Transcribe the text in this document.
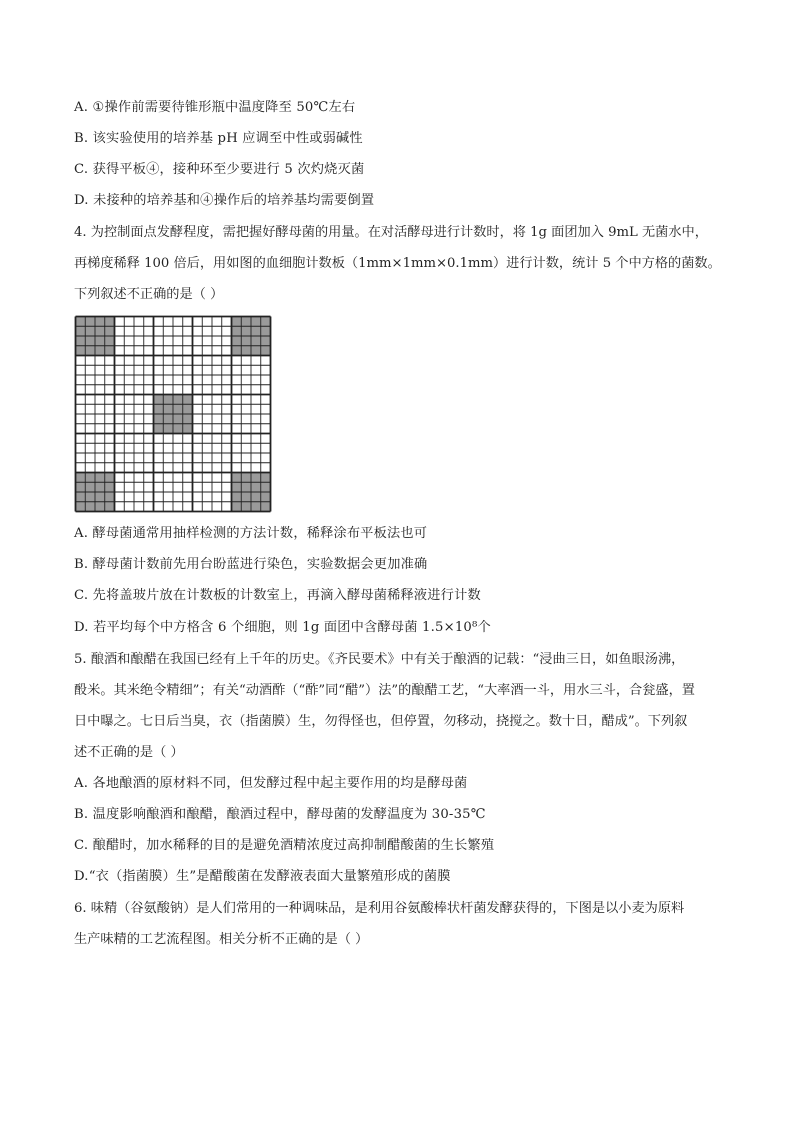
A. ①操作前需要待锥形瓶中温度降至 50℃左右
B. 该实验使用的培养基 pH 应调至中性或弱碱性
C. 获得平板④，接种环至少要进行 5 次灼烧灭菌
D. 未接种的培养基和④操作后的培养基均需要倒置
4. 为控制面点发酵程度，需把握好酵母菌的用量。在对活酵母进行计数时，将 1g 面团加入 9mL 无菌水中，
再梯度稀释 100 倍后，用如图的血细胞计数板（1mm×1mm×0.1mm）进行计数，统计 5 个中方格的菌数。
下列叙述不正确的是（ ）
A. 酵母菌通常用抽样检测的方法计数，稀释涂布平板法也可
B. 酵母菌计数前先用台盼蓝进行染色，实验数据会更加准确
C. 先将盖玻片放在计数板的计数室上，再滴入酵母菌稀释液进行计数
D. 若平均每个中方格含 6 个细胞，则 1g 面团中含酵母菌 1.5×10⁸个
5. 酿酒和酿醋在我国已经有上千年的历史。《齐民要术》中有关于酿酒的记载：“浸曲三日，如鱼眼汤沸，
酘米。其米绝令精细”；有关“动酒酢（“酢”同“醋”）法”的酿醋工艺，“大率酒一斗，用水三斗，合瓮盛，置
日中曝之。七日后当臭，衣（指菌膜）生，勿得怪也，但停置，勿移动，挠搅之。数十日，醋成”。下列叙
述不正确的是（ ）
A. 各地酿酒的原材料不同，但发酵过程中起主要作用的均是酵母菌
B. 温度影响酿酒和酿醋，酿酒过程中，酵母菌的发酵温度为 30-35℃
C. 酿醋时，加水稀释的目的是避免酒精浓度过高抑制醋酸菌的生长繁殖
D.“衣（指菌膜）生”是醋酸菌在发酵液表面大量繁殖形成的菌膜
6. 味精（谷氨酸钠）是人们常用的一种调味品，是利用谷氨酸棒状杆菌发酵获得的，下图是以小麦为原料
生产味精的工艺流程图。相关分析不正确的是（ ）
